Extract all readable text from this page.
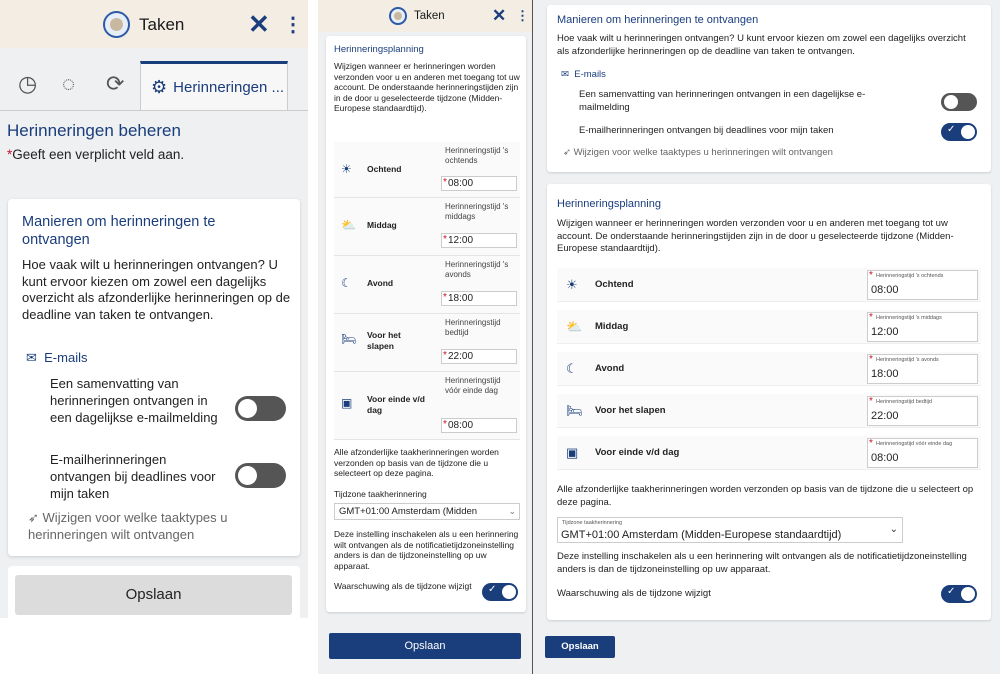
Taken ✕ ⋮
◷ ◌ ⟳ ⚙ Herinneringen ...
Herinneringen beheren
*Geeft een verplicht veld aan.
Manieren om herinneringen te ontvangen
Hoe vaak wilt u herinneringen ontvangen? U kunt ervoor kiezen om zowel een dagelijks overzicht als afzonderlijke herinneringen op de deadline van taken te ontvangen.
✉ E-mails
Een samenvatting van herinneringen ontvangen in een dagelijkse e-mailmelding
E-mailherinneringen ontvangen bij deadlines voor mijn taken
➶ Wijzigen voor welke taaktypes u herinneringen wilt ontvangen
Opslaan
Taken	✕ ⋮
Herinneringsplanning
Wijzigen wanneer er herinneringen worden verzonden voor u en anderen met toegang tot uw account. De onderstaande herinneringstijden zijn in de door u geselecteerde tijdzone (Midden-Europese standaardtijd).
☀ Ochtend
Herinneringstijd 's ochtends
* 08:00
⛅ Middag
Herinneringstijd 's middags
* 12:00
☾ Avond
Herinneringstijd 's avonds
* 18:00
🛏 Voor het slapen
Herinneringstijd bedtijd
* 22:00
▣ Voor einde v/d dag
Herinneringstijd vóór einde dag
* 08:00
Alle afzonderlijke taakherinneringen worden verzonden op basis van de tijdzone die u selecteert op deze pagina.
Tijdzone taakherinnering
GMT+01:00 Amsterdam (Midden	⌄
Deze instelling inschakelen als u een herinnering wilt ontvangen als de notificatietijdzoneinstelling anders is dan de tijdzoneinstelling op uw apparaat.
Waarschuwing als de tijdzone wijzigt ✓
Opslaan
Manieren om herinneringen te ontvangen
Hoe vaak wilt u herinneringen ontvangen? U kunt ervoor kiezen om zowel een dagelijks overzicht als afzonderlijke herinneringen op de deadline van taken te ontvangen.
✉ E-mails
Een samenvatting van herinneringen ontvangen in een dagelijkse e-mailmelding
E-mailherinneringen ontvangen bij deadlines voor mijn taken	✓
➶ Wijzigen voor welke taaktypes u herinneringen wilt ontvangen
Herinneringsplanning
Wijzigen wanneer er herinneringen worden verzonden voor u en anderen met toegang tot uw account. De onderstaande herinneringstijden zijn in de door u geselecteerde tijdzone (Midden-Europese standaardtijd).
☀ Ochtend
* Herinneringstijd 's ochtends
08:00
⛅ Middag
* Herinneringstijd 's middags
12:00
☾ Avond
* Herinneringstijd 's avonds
18:00
🛏 Voor het slapen
* Herinneringstijd bedtijd
22:00
▣ Voor einde v/d dag
* Herinneringstijd vóór einde dag
08:00
Alle afzonderlijke taakherinneringen worden verzonden op basis van de tijdzone die u selecteert op deze pagina.
Tijdzone taakherinnering
GMT+01:00 Amsterdam (Midden-Europese standaardtijd)	⌄
Deze instelling inschakelen als u een herinnering wilt ontvangen als de notificatietijdzoneinstelling anders is dan de tijdzoneinstelling op uw apparaat.
Waarschuwing als de tijdzone wijzigt	✓
Opslaan
